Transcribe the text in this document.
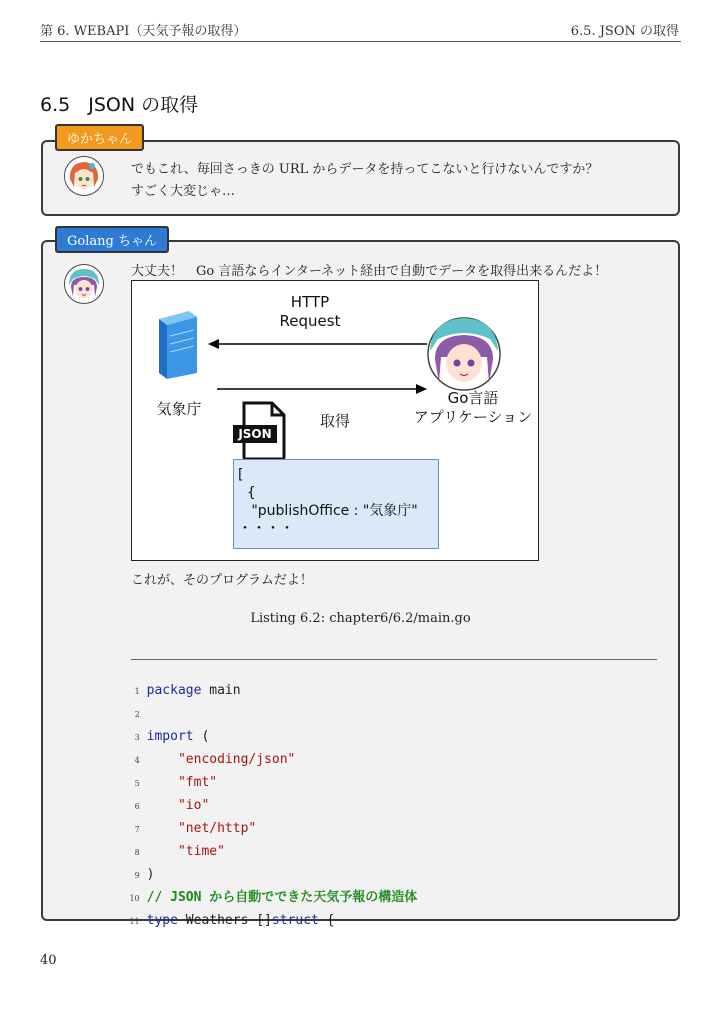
第 6. WEBAPI（天気予報の取得）	6.5. JSON の取得
6.5 JSON の取得
ゆかちゃん
でもこれ、毎回さっきの URL からデータを持ってこないと行けないんですか？
すごく大変じゃ…
Golang ちゃん
大丈夫！　Go 言語ならインターネット経由で自動でデータを取得出来るんだよ！
JSON
HTTP
Request
気象庁
Go言語
アプリケーション
取得
[
{
"publishOffice : "気象庁"
・・・・
これが、そのプログラムだよ！
Listing 6.2: chapter6/6.2/main.go

1 package main

2

3 import (

4    "encoding/json"

5    "fmt"

6    "io"

7    "net/http"

8    "time"

9 )

10 // JSON から自動でできた天気予報の構造体

11 type Weathers []struct {

40
